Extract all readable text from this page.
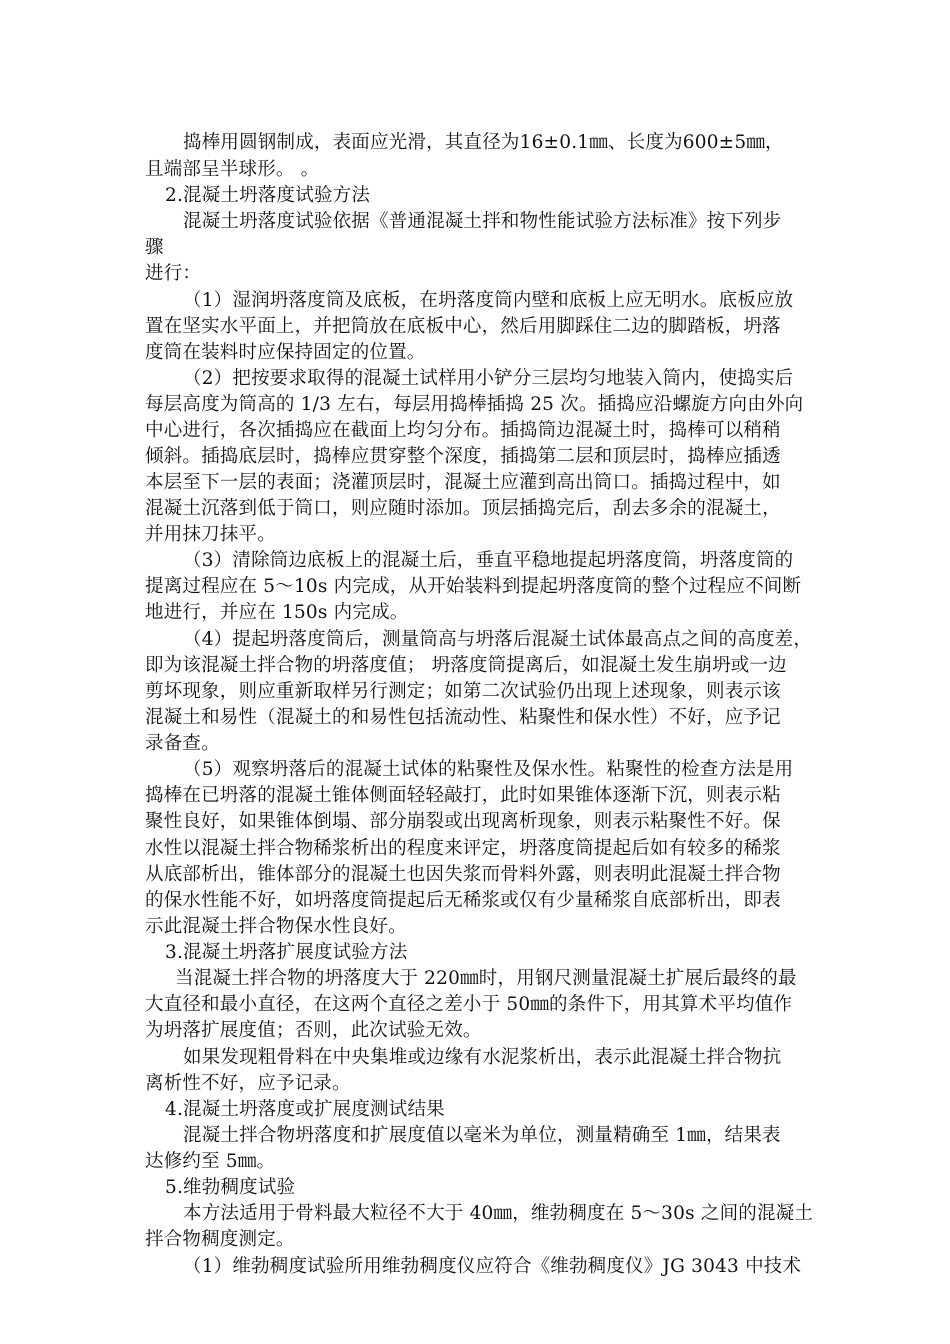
捣棒用圆钢制成，表面应光滑，其直径为16±0.1㎜、长度为600±5㎜，
且端部呈半球形。 。
2.混凝土坍落度试验方法
混凝土坍落度试验依据《普通混凝土拌和物性能试验方法标准》按下列步
骤
进行：
（1）湿润坍落度筒及底板，在坍落度筒内壁和底板上应无明水。底板应放
置在坚实水平面上，并把筒放在底板中心，然后用脚踩住二边的脚踏板，坍落
度筒在装料时应保持固定的位置。
（2）把按要求取得的混凝土试样用小铲分三层均匀地装入筒内，使捣实后
每层高度为筒高的 1/3 左右，每层用捣棒插捣 25 次。插捣应沿螺旋方向由外向
中心进行，各次插捣应在截面上均匀分布。插捣筒边混凝土时，捣棒可以稍稍
倾斜。插捣底层时，捣棒应贯穿整个深度，插捣第二层和顶层时，捣棒应插透
本层至下一层的表面；浇灌顶层时，混凝土应灌到高出筒口。插捣过程中，如
混凝土沉落到低于筒口，则应随时添加。顶层插捣完后，刮去多余的混凝土，
并用抹刀抹平。
（3）清除筒边底板上的混凝土后，垂直平稳地提起坍落度筒，坍落度筒的
提离过程应在 5～10s 内完成，从开始装料到提起坍落度筒的整个过程应不间断
地进行，并应在 150s 内完成。
（4）提起坍落度筒后，测量筒高与坍落后混凝土试体最高点之间的高度差，
即为该混凝土拌合物的坍落度值； 坍落度筒提离后，如混凝土发生崩坍或一边
剪坏现象，则应重新取样另行测定；如第二次试验仍出现上述现象，则表示该
混凝土和易性（混凝土的和易性包括流动性、粘聚性和保水性）不好，应予记
录备查。
（5）观察坍落后的混凝土试体的粘聚性及保水性。粘聚性的检查方法是用
捣棒在已坍落的混凝土锥体侧面轻轻敲打，此时如果锥体逐渐下沉，则表示粘
聚性良好，如果锥体倒塌、部分崩裂或出现离析现象，则表示粘聚性不好。保
水性以混凝土拌合物稀浆析出的程度来评定，坍落度筒提起后如有较多的稀浆
从底部析出，锥体部分的混凝土也因失浆而骨料外露，则表明此混凝土拌合物
的保水性能不好，如坍落度筒提起后无稀浆或仅有少量稀浆自底部析出，即表
示此混凝土拌合物保水性良好。
3.混凝土坍落扩展度试验方法
当混凝土拌合物的坍落度大于 220㎜时，用钢尺测量混凝土扩展后最终的最
大直径和最小直径，在这两个直径之差小于 50㎜的条件下，用其算术平均值作
为坍落扩展度值；否则，此次试验无效。
如果发现粗骨料在中央集堆或边缘有水泥浆析出，表示此混凝土拌合物抗
离析性不好，应予记录。
4.混凝土坍落度或扩展度测试结果
混凝土拌合物坍落度和扩展度值以毫米为单位，测量精确至 1㎜，结果表
达修约至 5㎜。
5.维勃稠度试验
本方法适用于骨料最大粒径不大于 40㎜，维勃稠度在 5～30s 之间的混凝土
拌合物稠度测定。
（1）维勃稠度试验所用维勃稠度仪应符合《维勃稠度仪》JG 3043 中技术
